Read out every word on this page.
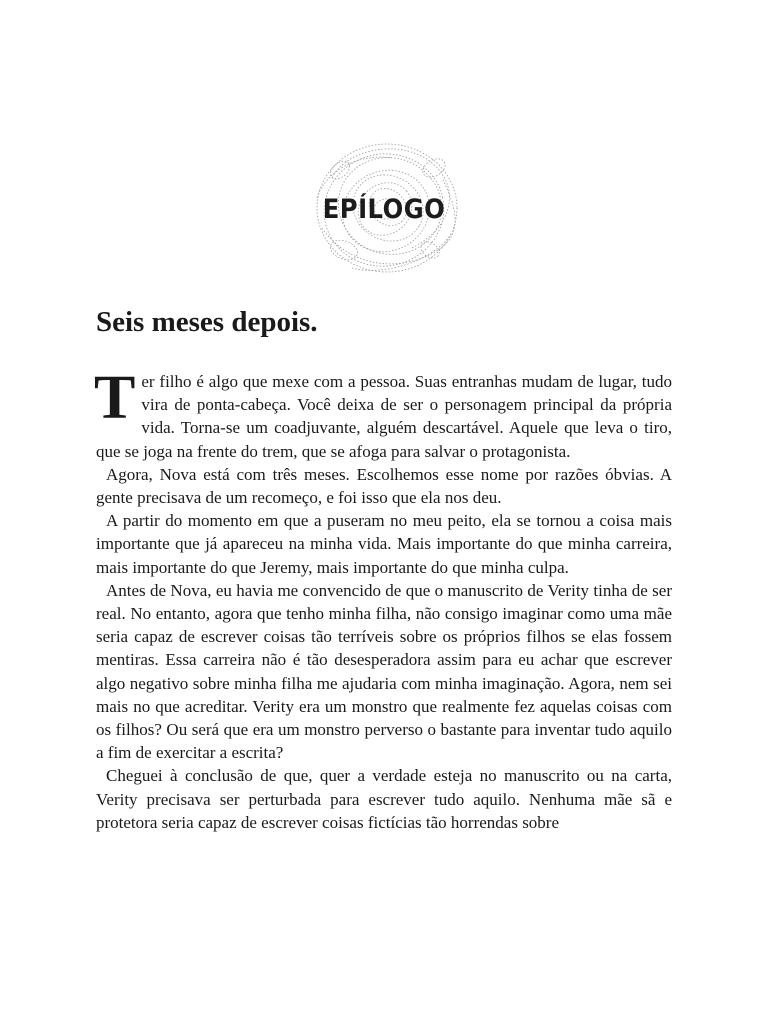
EPÍLOGO
Seis meses depois.

Ter filho é algo que mexe com a pessoa. Suas entranhas mudam de lugar, tudo vira de ponta-cabeça. Você deixa de ser o personagem principal da própria vida. Torna-se um coadjuvante, alguém descartável. Aquele que leva o tiro, que se joga na frente do trem, que se afoga para salvar o protagonista.

Agora, Nova está com três meses. Escolhemos esse nome por razões óbvias. A gente precisava de um recomeço, e foi isso que ela nos deu.

A partir do momento em que a puseram no meu peito, ela se tornou a coisa mais importante que já apareceu na minha vida. Mais importante do que minha carreira, mais importante do que Jeremy, mais importante do que minha culpa.

Antes de Nova, eu havia me convencido de que o manuscrito de Verity tinha de ser real. No entanto, agora que tenho minha filha, não consigo imaginar como uma mãe seria capaz de escrever coisas tão terríveis sobre os próprios filhos se elas fossem mentiras. Essa carreira não é tão desesperadora assim para eu achar que escrever algo negativo sobre minha filha me ajudaria com minha imaginação. Agora, nem sei mais no que acreditar. Verity era um monstro que realmente fez aquelas coisas com os filhos? Ou será que era um monstro perverso o bastante para inventar tudo aquilo a fim de exercitar a escrita?

Cheguei à conclusão de que, quer a verdade esteja no manuscrito ou na carta, Verity precisava ser perturbada para escrever tudo aquilo. Nenhuma mãe sã e protetora seria capaz de escrever coisas fictícias tão horrendas sobre
